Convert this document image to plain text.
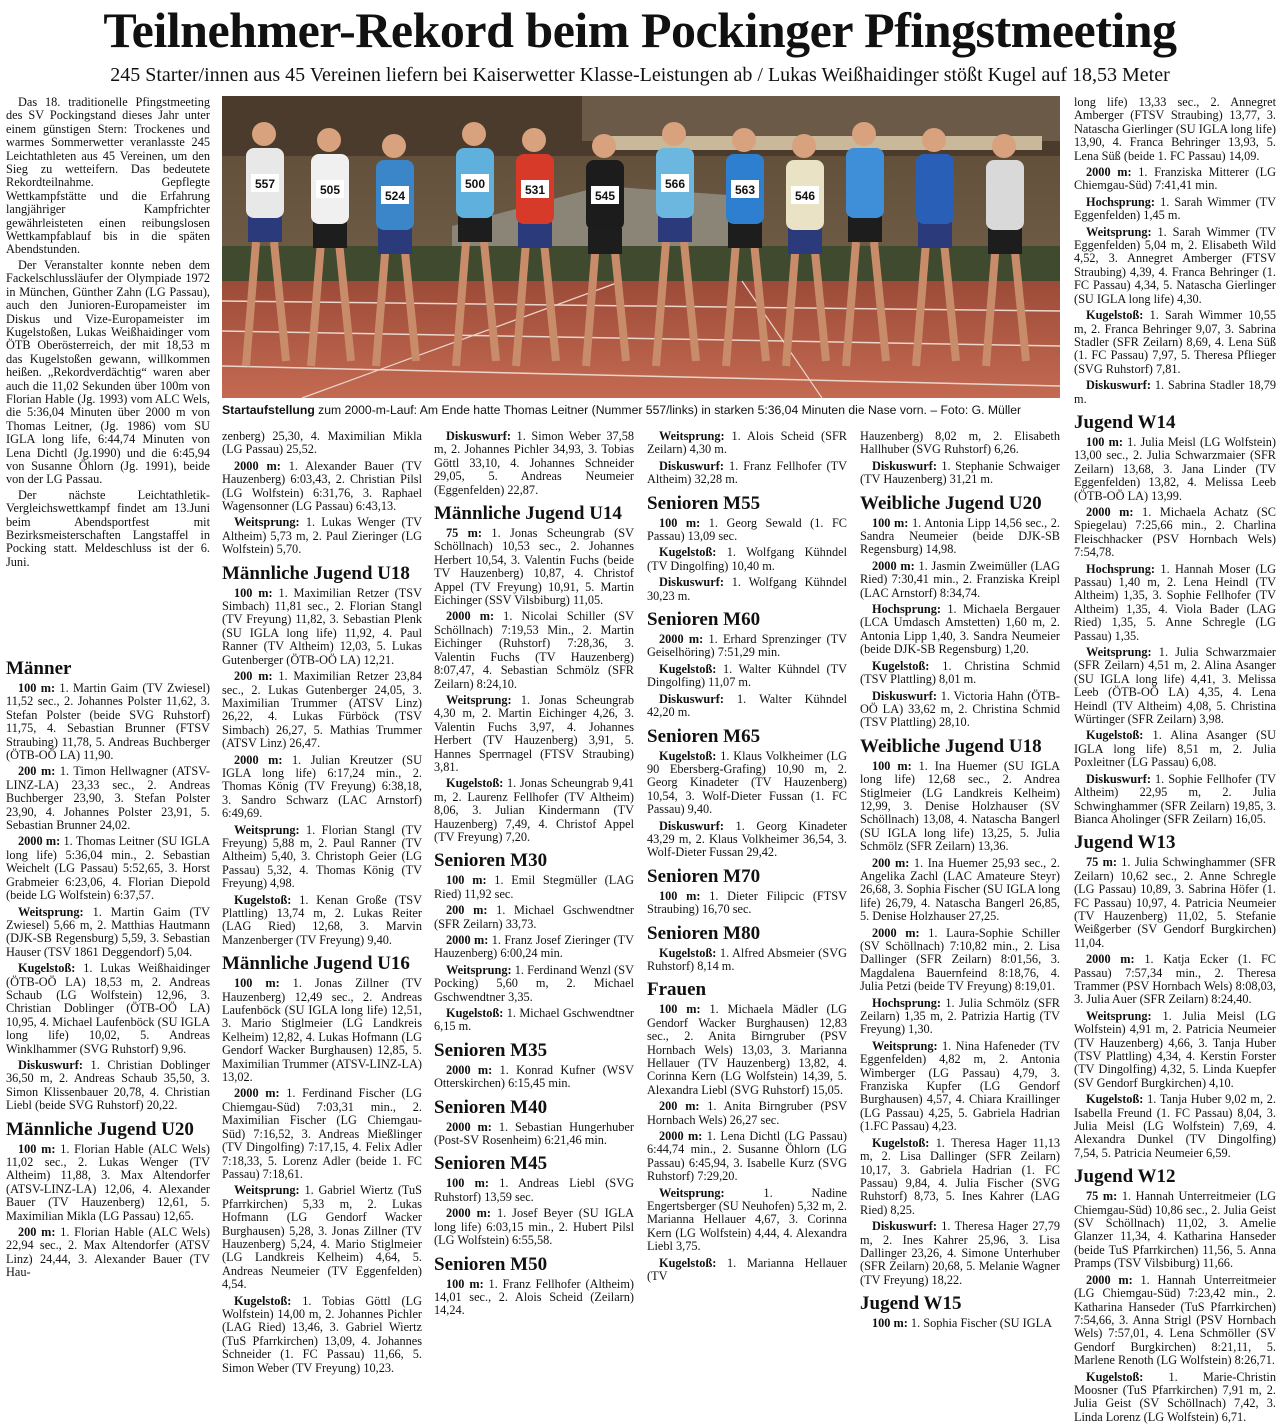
Teilnehmer-Rekord beim Pockinger Pfingstmeeting
245 Starter/innen aus 45 Vereinen liefern bei Kaiserwetter Klasse-Leistungen ab / Lukas Weißhaidinger stößt Kugel auf 18,53 Meter

Das 18. traditionelle Pfingstmeeting des SV Pockingstand dieses Jahr unter einem günstigen Stern: Trockenes und warmes Sommerwetter veranlasste 245 Leichtathleten aus 45 Vereinen, um den Sieg zu wetteifern. Das bedeutete Rekordteilnahme. Gepflegte Wettkampfstätte und die Erfahrung langjähriger Kampfrichter gewährleisteten einen reibungslosen Wettkampfablauf bis in die späten Abendstunden.

Der Veranstalter konnte neben dem Fackelschlussläufer der Olympiade 1972 in München, Günther Zahn (LG Passau), auch den Junioren-Europameister im Diskus und Vize-Europameister im Kugelstoßen, Lukas Weißhaidinger vom ÖTB Oberösterreich, der mit 18,53 m das Kugelstoßen gewann, willkommen heißen. „Rekordverdächtig“ waren aber auch die 11,02 Sekunden über 100m von Florian Hable (Jg. 1993) vom ALC Wels, die 5:36,04 Minuten über 2000 m von Thomas Leitner, (Jg. 1986) vom SU IGLA long life, 6:44,74 Minuten von Lena Dichtl (Jg.1990) und die 6:45,94 von Susanne Öhlorn (Jg. 1991), beide von der LG Passau.

Der nächste Leichtathletik-Vergleichswettkampf findet am 13.Juni beim Abendsportfest mit Bezirksmeisterschaften Langstaffel in Pocking statt. Meldeschluss ist der 6. Juni.

557	505	524
500	531	545
566	563	546
Startaufstellung zum 2000-m-Lauf: Am Ende hatte Thomas Leitner (Nummer 557/links) in starken 5:36,04 Minuten die Nase vorn. – Foto: G. Müller
Männer

100 m: 1. Martin Gaim (TV Zwiesel) 11,52 sec., 2. Johannes Polster 11,62, 3. Stefan Polster (beide SVG Ruhstorf) 11,75, 4. Sebastian Brunner (FTSV Straubing) 11,78, 5. Andreas Buchberger (ÖTB-OÖ LA) 11,90.

200 m: 1. Timon Hellwagner (ATSV-LINZ-LA) 23,33 sec., 2. Andreas Buchberger 23,90, 3. Stefan Polster 23,90, 4. Johannes Polster 23,91, 5. Sebastian Brunner 24,02.

2000 m: 1. Thomas Leitner (SU IGLA long life) 5:36,04 min., 2. Sebastian Weichelt (LG Passau) 5:52,65, 3. Horst Grabmeier 6:23,06, 4. Florian Diepold (beide LG Wolfstein) 6:37,57.

Weitsprung: 1. Martin Gaim (TV Zwiesel) 5,66 m, 2. Matthias Hautmann (DJK-SB Regensburg) 5,59, 3. Sebastian Hauser (TSV 1861 Deggendorf) 5,04.

Kugelstoß: 1. Lukas Weißhaidinger (ÖTB-OÖ LA) 18,53 m, 2. Andreas Schaub (LG Wolfstein) 12,96, 3. Christian Doblinger (ÖTB-OÖ LA) 10,95, 4. Michael Laufenböck (SU IGLA long life) 10,02, 5. Andreas Winklhammer (SVG Ruhstorf) 9,96.

Diskuswurf: 1. Christian Doblinger 36,50 m, 2. Andreas Schaub 35,50, 3. Simon Klissenbauer 20,78, 4. Christian Liebl (beide SVG Ruhstorf) 20,22.

Männliche Jugend U20

100 m: 1. Florian Hable (ALC Wels) 11,02 sec., 2. Lukas Wenger (TV Altheim) 11,88, 3. Max Altendorfer (ATSV-LINZ-LA) 12,06, 4. Alexander Bauer (TV Hauzenberg) 12,61, 5. Maximilian Mikla (LG Passau) 12,65.

200 m: 1. Florian Hable (ALC Wels) 22,94 sec., 2. Max Altendorfer (ATSV Linz) 24,44, 3. Alexander Bauer (TV Hau-

zenberg) 25,30, 4. Maximilian Mikla (LG Passau) 25,52.

2000 m: 1. Alexander Bauer (TV Hauzenberg) 6:03,43, 2. Christian Pilsl (LG Wolfstein) 6:31,76, 3. Raphael Wagensonner (LG Passau) 6:43,13.

Weitsprung: 1. Lukas Wenger (TV Altheim) 5,73 m, 2. Paul Zieringer (LG Wolfstein) 5,70.

Männliche Jugend U18

100 m: 1. Maximilian Retzer (TSV Simbach) 11,81 sec., 2. Florian Stangl (TV Freyung) 11,82, 3. Sebastian Plenk (SU IGLA long life) 11,92, 4. Paul Ranner (TV Altheim) 12,03, 5. Lukas Gutenberger (ÖTB-OÖ LA) 12,21.

200 m: 1. Maximilian Retzer 23,84 sec., 2. Lukas Gutenberger 24,05, 3. Maximilian Trummer (ATSV Linz) 26,22, 4. Lukas Fürböck (TSV Simbach) 26,27, 5. Mathias Trummer (ATSV Linz) 26,47.

2000 m: 1. Julian Kreutzer (SU IGLA long life) 6:17,24 min., 2. Thomas König (TV Freyung) 6:38,18, 3. Sandro Schwarz (LAC Arnstorf) 6:49,69.

Weitsprung: 1. Florian Stangl (TV Freyung) 5,88 m, 2. Paul Ranner (TV Altheim) 5,40, 3. Christoph Geier (LG Passau) 5,32, 4. Thomas König (TV Freyung) 4,98.

Kugelstoß: 1. Kenan Große (TSV Plattling) 13,74 m, 2. Lukas Reiter (LAG Ried) 12,68, 3. Marvin Manzenberger (TV Freyung) 9,40.

Männliche Jugend U16

100 m: 1. Jonas Zillner (TV Hauzenberg) 12,49 sec., 2. Andreas Laufenböck (SU IGLA long life) 12,51, 3. Mario Stiglmeier (LG Landkreis Kelheim) 12,82, 4. Lukas Hofmann (LG Gendorf Wacker Burghausen) 12,85, 5. Maximilian Trummer (ATSV-LINZ-LA) 13,02.

2000 m: 1. Ferdinand Fischer (LG Chiemgau-Süd) 7:03,31 min., 2. Maximilian Fischer (LG Chiemgau-Süd) 7:16,52, 3. Andreas Mießlinger (TV Dingolfing) 7:17,15, 4. Felix Adler 7:18,33, 5. Lorenz Adler (beide 1. FC Passau) 7:18,61.

Weitsprung: 1. Gabriel Wiertz (TuS Pfarrkirchen) 5,33 m, 2. Lukas Hofmann (LG Gendorf Wacker Burghausen) 5,28, 3. Jonas Zillner (TV Hauzenberg) 5,24, 4. Mario Stiglmeier (LG Landkreis Kelheim) 4,64, 5. Andreas Neumeier (TV Eggenfelden) 4,54.

Kugelstoß: 1. Tobias Göttl (LG Wolfstein) 14,00 m, 2. Johannes Pichler (LAG Ried) 13,46, 3. Gabriel Wiertz (TuS Pfarrkirchen) 13,09, 4. Johannes Schneider (1. FC Passau) 11,66, 5. Simon Weber (TV Freyung) 10,23.

Diskuswurf: 1. Simon Weber 37,58 m, 2. Johannes Pichler 34,93, 3. Tobias Göttl 33,10, 4. Johannes Schneider 29,05, 5. Andreas Neumeier (Eggenfelden) 22,87.

Männliche Jugend U14

75 m: 1. Jonas Scheungrab (SV Schöllnach) 10,53 sec., 2. Johannes Herbert 10,54, 3. Valentin Fuchs (beide TV Hauzenberg) 10,87, 4. Christof Appel (TV Freyung) 10,91, 5. Martin Eichinger (SSV Vilsbiburg) 11,05.

2000 m: 1. Nicolai Schiller (SV Schöllnach) 7:19,53 Min., 2. Martin Eichinger (Ruhstorf) 7:28,36, 3. Valentin Fuchs (TV Hauzenberg) 8:07,47, 4. Sebastian Schmölz (SFR Zeilarn) 8:24,10.

Weitsprung: 1. Jonas Scheungrab 4,30 m, 2. Martin Eichinger 4,26, 3. Valentin Fuchs 3,97, 4. Johannes Herbert (TV Hauzenberg) 3,91, 5. Hannes Sperrnagel (FTSV Straubing) 3,81.

Kugelstoß: 1. Jonas Scheungrab 9,41 m, 2. Laurenz Fellhofer (TV Altheim) 8,06, 3. Julian Kindermann (TV Hauzenberg) 7,49, 4. Christof Appel (TV Freyung) 7,20.

Senioren M30

100 m: 1. Emil Stegmüller (LAG Ried) 11,92 sec.

200 m: 1. Michael Gschwendtner (SFR Zeilarn) 33,73.

2000 m: 1. Franz Josef Zieringer (TV Hauzenberg) 6:00,24 min.

Weitsprung: 1. Ferdinand Wenzl (SV Pocking) 5,60 m, 2. Michael Gschwendtner 3,35.

Kugelstoß: 1. Michael Gschwendtner 6,15 m.

Senioren M35

2000 m: 1. Konrad Kufner (WSV Otterskirchen) 6:15,45 min.

Senioren M40

2000 m: 1. Sebastian Hungerhuber (Post-SV Rosenheim) 6:21,46 min.

Senioren M45

100 m: 1. Andreas Liebl (SVG Ruhstorf) 13,59 sec.

2000 m: 1. Josef Beyer (SU IGLA long life) 6:03,15 min., 2. Hubert Pilsl (LG Wolfstein) 6:55,58.

Senioren M50

100 m: 1. Franz Fellhofer (Altheim) 14,01 sec., 2. Alois Scheid (Zeilarn) 14,24.

Weitsprung: 1. Alois Scheid (SFR Zeilarn) 4,30 m.

Diskuswurf: 1. Franz Fellhofer (TV Altheim) 32,28 m.

Senioren M55

100 m: 1. Georg Sewald (1. FC Passau) 13,09 sec.

Kugelstoß: 1. Wolfgang Kühndel (TV Dingolfing) 10,40 m.

Diskuswurf: 1. Wolfgang Kühndel 30,23 m.

Senioren M60

2000 m: 1. Erhard Sprenzinger (TV Geiselhöring) 7:51,29 min.

Kugelstoß: 1. Walter Kühndel (TV Dingolfing) 11,07 m.

Diskuswurf: 1. Walter Kühndel 42,20 m.

Senioren M65

Kugelstoß: 1. Klaus Volkheimer (LG 90 Ebersberg-Grafing) 10,90 m, 2. Georg Kinadeter (TV Hauzenberg) 10,54, 3. Wolf-Dieter Fussan (1. FC Passau) 9,40.

Diskuswurf: 1. Georg Kinadeter 43,29 m, 2. Klaus Volkheimer 36,54, 3. Wolf-Dieter Fussan 29,42.

Senioren M70

100 m: 1. Dieter Filipcic (FTSV Straubing) 16,70 sec.

Senioren M80

Kugelstoß: 1. Alfred Absmeier (SVG Ruhstorf) 8,14 m.

Frauen

100 m: 1. Michaela Mädler (LG Gendorf Wacker Burghausen) 12,83 sec., 2. Anita Birngruber (PSV Hornbach Wels) 13,03, 3. Marianna Hellauer (TV Hauzenberg) 13,82, 4. Corinna Kern (LG Wolfstein) 14,39, 5. Alexandra Liebl (SVG Ruhstorf) 15,05.

200 m: 1. Anita Birngruber (PSV Hornbach Wels) 26,27 sec.

2000 m: 1. Lena Dichtl (LG Passau) 6:44,74 min., 2. Susanne Öhlorn (LG Passau) 6:45,94, 3. Isabelle Kurz (SVG Ruhstorf) 7:29,20.

Weitsprung: 1. Nadine Engertsberger (SU Neuhofen) 5,32 m, 2. Marianna Hellauer 4,67, 3. Corinna Kern (LG Wolfstein) 4,44, 4. Alexandra Liebl 3,75.

Kugelstoß: 1. Marianna Hellauer (TV

Hauzenberg) 8,02 m, 2. Elisabeth Hallhuber (SVG Ruhstorf) 6,26.

Diskuswurf: 1. Stephanie Schwaiger (TV Hauzenberg) 31,21 m.

Weibliche Jugend U20

100 m: 1. Antonia Lipp 14,56 sec., 2. Sandra Neumeier (beide DJK-SB Regensburg) 14,98.

2000 m: 1. Jasmin Zweimüller (LAG Ried) 7:30,41 min., 2. Franziska Kreipl (LAC Arnstorf) 8:34,74.

Hochsprung: 1. Michaela Bergauer (LCA Umdasch Amstetten) 1,60 m, 2. Antonia Lipp 1,40, 3. Sandra Neumeier (beide DJK-SB Regensburg) 1,20.

Kugelstoß: 1. Christina Schmid (TSV Plattling) 8,01 m.

Diskuswurf: 1. Victoria Hahn (ÖTB-OÖ LA) 33,62 m, 2. Christina Schmid (TSV Plattling) 28,10.

Weibliche Jugend U18

100 m: 1. Ina Huemer (SU IGLA long life) 12,68 sec., 2. Andrea Stiglmeier (LG Landkreis Kelheim) 12,99, 3. Denise Holzhauser (SV Schöllnach) 13,08, 4. Natascha Bangerl (SU IGLA long life) 13,25, 5. Julia Schmölz (SFR Zeilarn) 13,36.

200 m: 1. Ina Huemer 25,93 sec., 2. Angelika Zachl (LAC Amateure Steyr) 26,68, 3. Sophia Fischer (SU IGLA long life) 26,79, 4. Natascha Bangerl 26,85, 5. Denise Holzhauser 27,25.

2000 m: 1. Laura-Sophie Schiller (SV Schöllnach) 7:10,82 min., 2. Lisa Dallinger (SFR Zeilarn) 8:01,56, 3. Magdalena Bauernfeind 8:18,76, 4. Julia Petzi (beide TV Freyung) 8:19,01.

Hochsprung: 1. Julia Schmölz (SFR Zeilarn) 1,35 m, 2. Patrizia Hartig (TV Freyung) 1,30.

Weitsprung: 1. Nina Hafeneder (TV Eggenfelden) 4,82 m, 2. Antonia Wimberger (LG Passau) 4,79, 3. Franziska Kupfer (LG Gendorf Burghausen) 4,57, 4. Chiara Kraillinger (LG Passau) 4,25, 5. Gabriela Hadrian (1.FC Passau) 4,23.

Kugelstoß: 1. Theresa Hager 11,13 m, 2. Lisa Dallinger (SFR Zeilarn) 10,17, 3. Gabriela Hadrian (1. FC Passau) 9,84, 4. Julia Fischer (SVG Ruhstorf) 8,73, 5. Ines Kahrer (LAG Ried) 8,25.

Diskuswurf: 1. Theresa Hager 27,79 m, 2. Ines Kahrer 25,96, 3. Lisa Dallinger 23,26, 4. Simone Unterhuber (SFR Zeilarn) 20,68, 5. Melanie Wagner (TV Freyung) 18,22.

Jugend W15

100 m: 1. Sophia Fischer (SU IGLA

long life) 13,33 sec., 2. Annegret Amberger (FTSV Straubing) 13,77, 3. Natascha Gierlinger (SU IGLA long life) 13,90, 4. Franca Behringer 13,93, 5. Lena Süß (beide 1. FC Passau) 14,09.

2000 m: 1. Franziska Mitterer (LG Chiemgau-Süd) 7:41,41 min.

Hochsprung: 1. Sarah Wimmer (TV Eggenfelden) 1,45 m.

Weitsprung: 1. Sarah Wimmer (TV Eggenfelden) 5,04 m, 2. Elisabeth Wild 4,52, 3. Annegret Amberger (FTSV Straubing) 4,39, 4. Franca Behringer (1. FC Passau) 4,34, 5. Natascha Gierlinger (SU IGLA long life) 4,30.

Kugelstoß: 1. Sarah Wimmer 10,55 m, 2. Franca Behringer 9,07, 3. Sabrina Stadler (SFR Zeilarn) 8,69, 4. Lena Süß (1. FC Passau) 7,97, 5. Theresa Pflieger (SVG Ruhstorf) 7,81.

Diskuswurf: 1. Sabrina Stadler 18,79 m.

Jugend W14

100 m: 1. Julia Meisl (LG Wolfstein) 13,00 sec., 2. Julia Schwarzmaier (SFR Zeilarn) 13,68, 3. Jana Linder (TV Eggenfelden) 13,82, 4. Melissa Leeb (ÖTB-OÖ LA) 13,99.

2000 m: 1. Michaela Achatz (SC Spiegelau) 7:25,66 min., 2. Charlina Fleischhacker (PSV Hornbach Wels) 7:54,78.

Hochsprung: 1. Hannah Moser (LG Passau) 1,40 m, 2. Lena Heindl (TV Altheim) 1,35, 3. Sophie Fellhofer (TV Altheim) 1,35, 4. Viola Bader (LAG Ried) 1,35, 5. Anne Schregle (LG Passau) 1,35.

Weitsprung: 1. Julia Schwarzmaier (SFR Zeilarn) 4,51 m, 2. Alina Asanger (SU IGLA long life) 4,41, 3. Melissa Leeb (ÖTB-OÖ LA) 4,35, 4. Lena Heindl (TV Altheim) 4,08, 5. Christina Würtinger (SFR Zeilarn) 3,98.

Kugelstoß: 1. Alina Asanger (SU IGLA long life) 8,51 m, 2. Julia Poxleitner (LG Passau) 6,08.

Diskuswurf: 1. Sophie Fellhofer (TV Altheim) 22,95 m, 2. Julia Schwinghammer (SFR Zeilarn) 19,85, 3. Bianca Aholinger (SFR Zeilarn) 16,05.

Jugend W13

75 m: 1. Julia Schwinghammer (SFR Zeilarn) 10,62 sec., 2. Anne Schregle (LG Passau) 10,89, 3. Sabrina Höfer (1. FC Passau) 10,97, 4. Patricia Neumeier (TV Hauzenberg) 11,02, 5. Stefanie Weißgerber (SV Gendorf Burgkirchen) 11,04.

2000 m: 1. Katja Ecker (1. FC Passau) 7:57,34 min., 2. Theresa Trammer (PSV Hornbach Wels) 8:08,03, 3. Julia Auer (SFR Zeilarn) 8:24,40.

Weitsprung: 1. Julia Meisl (LG Wolfstein) 4,91 m, 2. Patricia Neumeier (TV Hauzenberg) 4,66, 3. Tanja Huber (TSV Plattling) 4,34, 4. Kerstin Forster (TV Dingolfing) 4,32, 5. Linda Kuepfer (SV Gendorf Burgkirchen) 4,10.

Kugelstoß: 1. Tanja Huber 9,02 m, 2. Isabella Freund (1. FC Passau) 8,04, 3. Julia Meisl (LG Wolfstein) 7,69, 4. Alexandra Dunkel (TV Dingolfing) 7,54, 5. Patricia Neumeier 6,59.

Jugend W12

75 m: 1. Hannah Unterreitmeier (LG Chiemgau-Süd) 10,86 sec., 2. Julia Geist (SV Schöllnach) 11,02, 3. Amelie Glanzer 11,34, 4. Katharina Hanseder (beide TuS Pfarrkirchen) 11,56, 5. Anna Pramps (TSV Vilsbiburg) 11,66.

2000 m: 1. Hannah Unterreitmeier (LG Chiemgau-Süd) 7:23,42 min., 2. Katharina Hanseder (TuS Pfarrkirchen) 7:54,66, 3. Anna Strigl (PSV Hornbach Wels) 7:57,01, 4. Lena Schmöller (SV Gendorf Burgkirchen) 8:21,11, 5. Marlene Renoth (LG Wolfstein) 8:26,71.

Kugelstoß: 1. Marie-Christin Moosner (TuS Pfarrkirchen) 7,91 m, 2. Julia Geist (SV Schöllnach) 7,42, 3. Linda Lorenz (LG Wolfstein) 6,71.
